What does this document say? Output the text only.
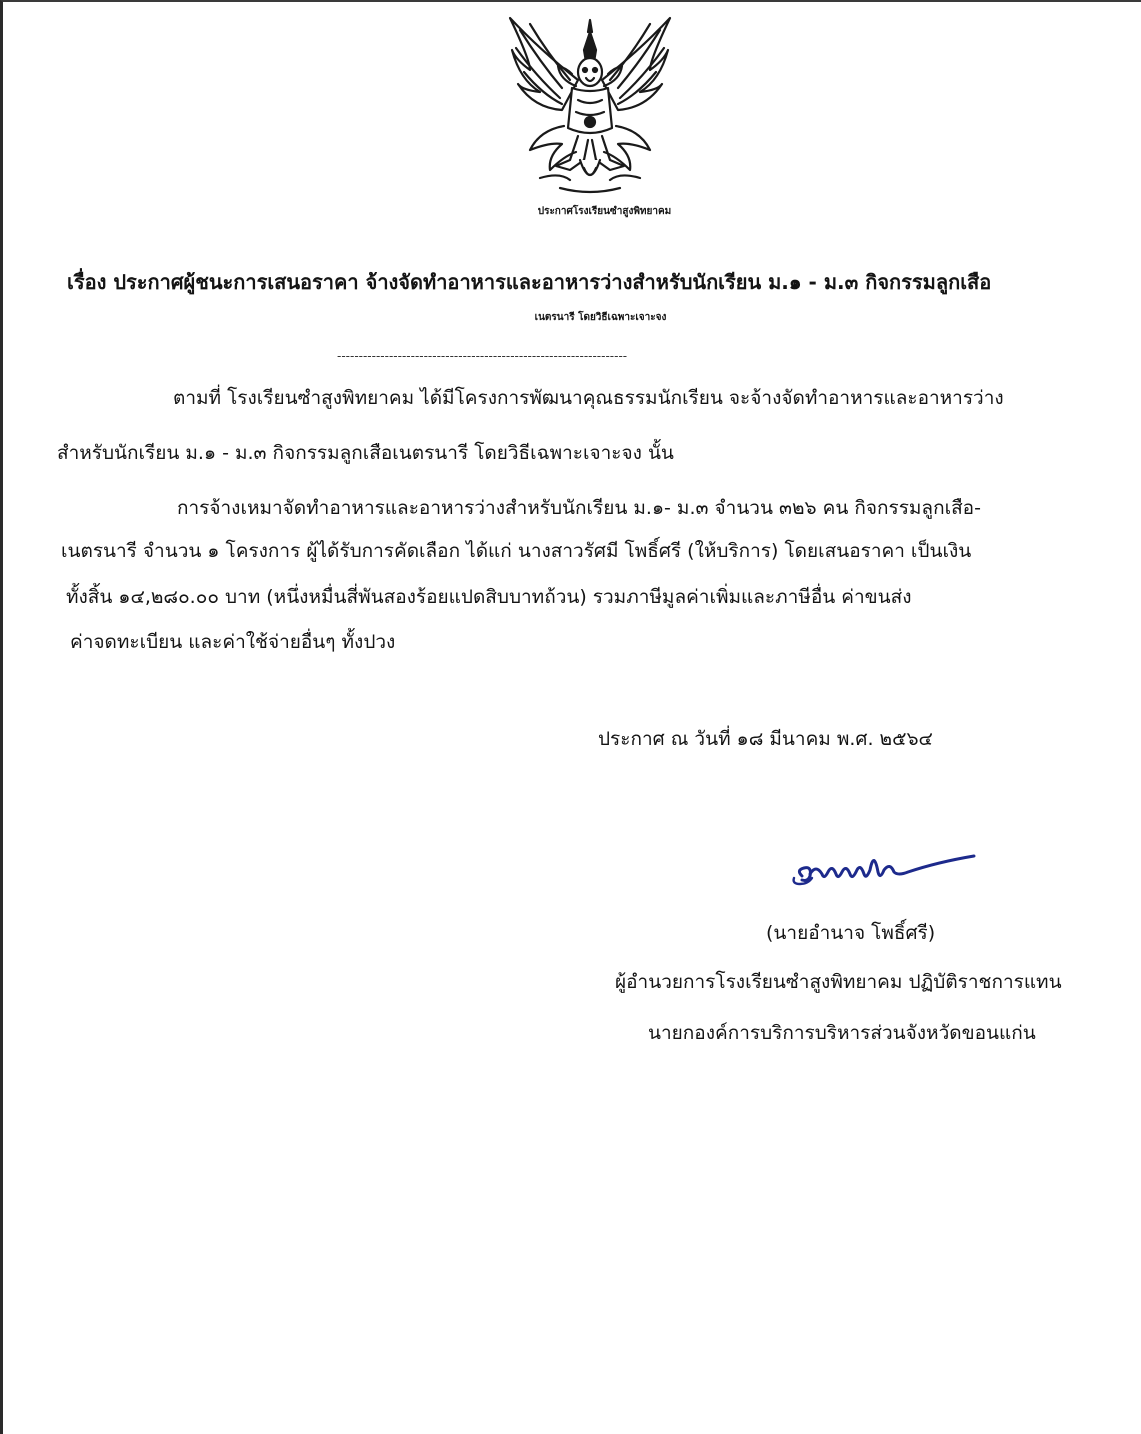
ประกาศโรงเรียนซำสูงพิทยาคม
เรื่อง ประกาศผู้ชนะการเสนอราคา จ้างจัดทำอาหารและอาหารว่างสำหรับนักเรียน ม.๑ - ม.๓ กิจกรรมลูกเสือ
เนตรนารี โดยวิธีเฉพาะเจาะจง
-------------------------------------------------------------------
ตามที่ โรงเรียนซำสูงพิทยาคม ได้มีโครงการพัฒนาคุณธรรมนักเรียน จะจ้างจัดทำอาหารและอาหารว่าง
สำหรับนักเรียน ม.๑ - ม.๓ กิจกรรมลูกเสือเนตรนารี โดยวิธีเฉพาะเจาะจง นั้น
การจ้างเหมาจัดทำอาหารและอาหารว่างสำหรับนักเรียน ม.๑- ม.๓ จำนวน ๓๒๖ คน กิจกรรมลูกเสือ-
เนตรนารี จำนวน ๑ โครงการ ผู้ได้รับการคัดเลือก ได้แก่ นางสาวรัศมี โพธิ์ศรี (ให้บริการ) โดยเสนอราคา เป็นเงิน
ทั้งสิ้น ๑๔,๒๘๐.๐๐ บาท (หนึ่งหมื่นสี่พันสองร้อยแปดสิบบาทถ้วน) รวมภาษีมูลค่าเพิ่มและภาษีอื่น ค่าขนส่ง
ค่าจดทะเบียน และค่าใช้จ่ายอื่นๆ ทั้งปวง
ประกาศ ณ วันที่ ๑๘ มีนาคม พ.ศ. ๒๕๖๔
(นายอำนาจ โพธิ์ศรี)
ผู้อำนวยการโรงเรียนซำสูงพิทยาคม ปฏิบัติราชการแทน
นายกองค์การบริการบริหารส่วนจังหวัดขอนแก่น
